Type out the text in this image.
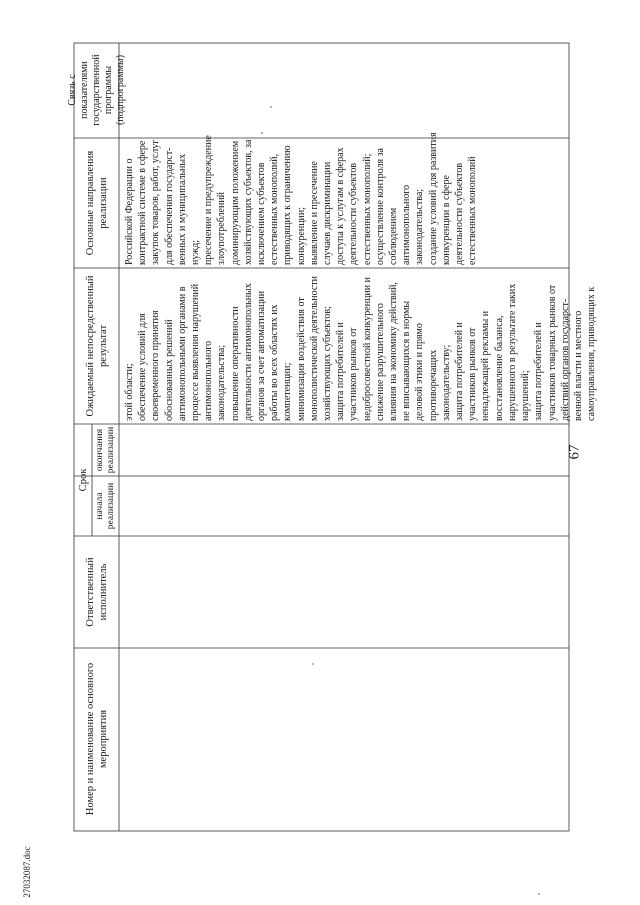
67
Номер и наименование основного мероприятия
Ответственный исполнитель
Срок
начала реализации
окончания реализации
Ожидаемый непосредственный результат
Основные направления реализации
Связь с показателями государственной программы (подпрограммы)
этой области; обеспечение условий для своевременного принятия обоснованных решений антимонопольными органами в процессе выявления нарушений антимонопольного законодательства; повышение оперативности деятельности антимонопольных органов за счет автоматизации работы во всех областях их компетенции; минимизация воздействия от монополистической деятельности хозяйствующих субъектов; защита потребителей и участников рынков от недобросовестной конкуренции и снижение разрушительного влияния на экономику действий, не вписывающихся в нормы деловой этики и прямо противоречащих законодательству; защита потребителей и участников рынков от ненадлежащей рекламы и восстановление баланса, нарушенного в результате таких нарушений; защита потребителей и участников товарных рынков от действий органов государст- венной власти и местного самоуправления, приводящих к
Российской Федерации о контрактной системе в сфере закупок товаров, работ, услуг для обеспечения государст- венных и муниципальных нужд; пресечение и предупреждение злоупотреблений доминирующим положением хозяйствующих субъектов, за исключением субъектов естественных монополий, приводящих к ограничению конкуренции; выявление и пресечение случаев дискриминации доступа к услугам в сферах деятельности субъектов естественных монополий; осуществление контроля за соблюдением антимонопольного законодательства; создание условий для развития конкуренции в сфере деятельности субъектов естественных монополий
27032087.doc
